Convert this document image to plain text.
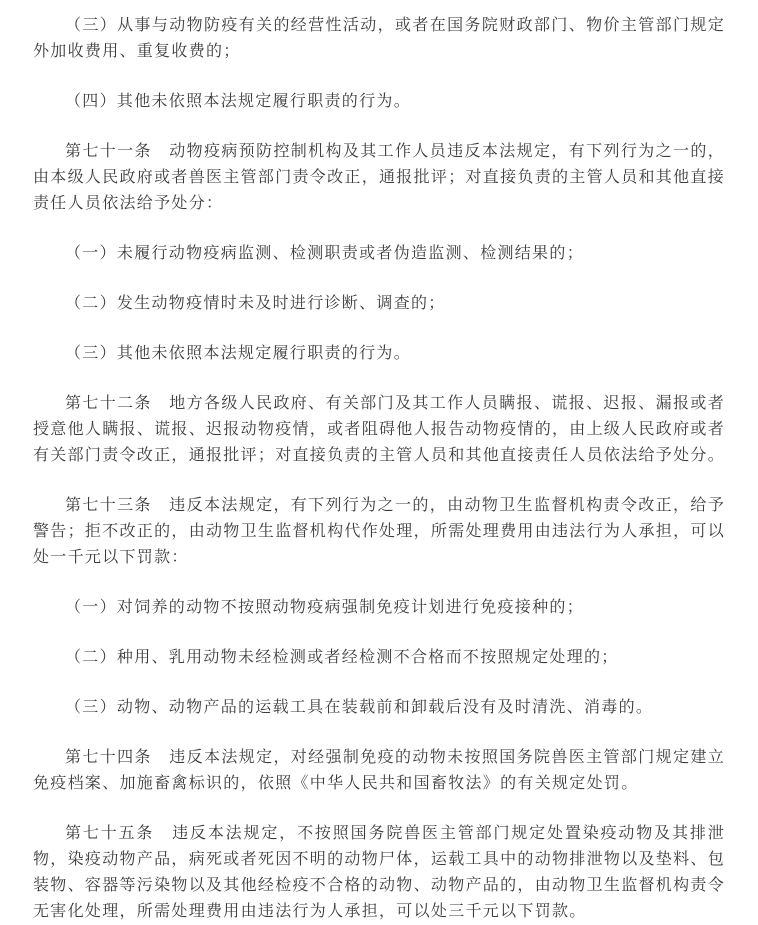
（三）从事与动物防疫有关的经营性活动，或者在国务院财政部门、物价主管部门规定外加收费用、重复收费的；

（四）其他未依照本法规定履行职责的行为。

第七十一条　动物疫病预防控制机构及其工作人员违反本法规定，有下列行为之一的，由本级人民政府或者兽医主管部门责令改正，通报批评；对直接负责的主管人员和其他直接责任人员依法给予处分：

（一）未履行动物疫病监测、检测职责或者伪造监测、检测结果的；

（二）发生动物疫情时未及时进行诊断、调查的；

（三）其他未依照本法规定履行职责的行为。

第七十二条　地方各级人民政府、有关部门及其工作人员瞒报、谎报、迟报、漏报或者授意他人瞒报、谎报、迟报动物疫情，或者阻碍他人报告动物疫情的，由上级人民政府或者有关部门责令改正，通报批评；对直接负责的主管人员和其他直接责任人员依法给予处分。

第七十三条　违反本法规定，有下列行为之一的，由动物卫生监督机构责令改正，给予警告；拒不改正的，由动物卫生监督机构代作处理，所需处理费用由违法行为人承担，可以处一千元以下罚款：

（一）对饲养的动物不按照动物疫病强制免疫计划进行免疫接种的；

（二）种用、乳用动物未经检测或者经检测不合格而不按照规定处理的；

（三）动物、动物产品的运载工具在装载前和卸载后没有及时清洗、消毒的。

第七十四条　违反本法规定，对经强制免疫的动物未按照国务院兽医主管部门规定建立免疫档案、加施畜禽标识的，依照《中华人民共和国畜牧法》的有关规定处罚。

第七十五条　违反本法规定，不按照国务院兽医主管部门规定处置染疫动物及其排泄物，染疫动物产品，病死或者死因不明的动物尸体，运载工具中的动物排泄物以及垫料、包装物、容器等污染物以及其他经检疫不合格的动物、动物产品的，由动物卫生监督机构责令无害化处理，所需处理费用由违法行为人承担，可以处三千元以下罚款。
